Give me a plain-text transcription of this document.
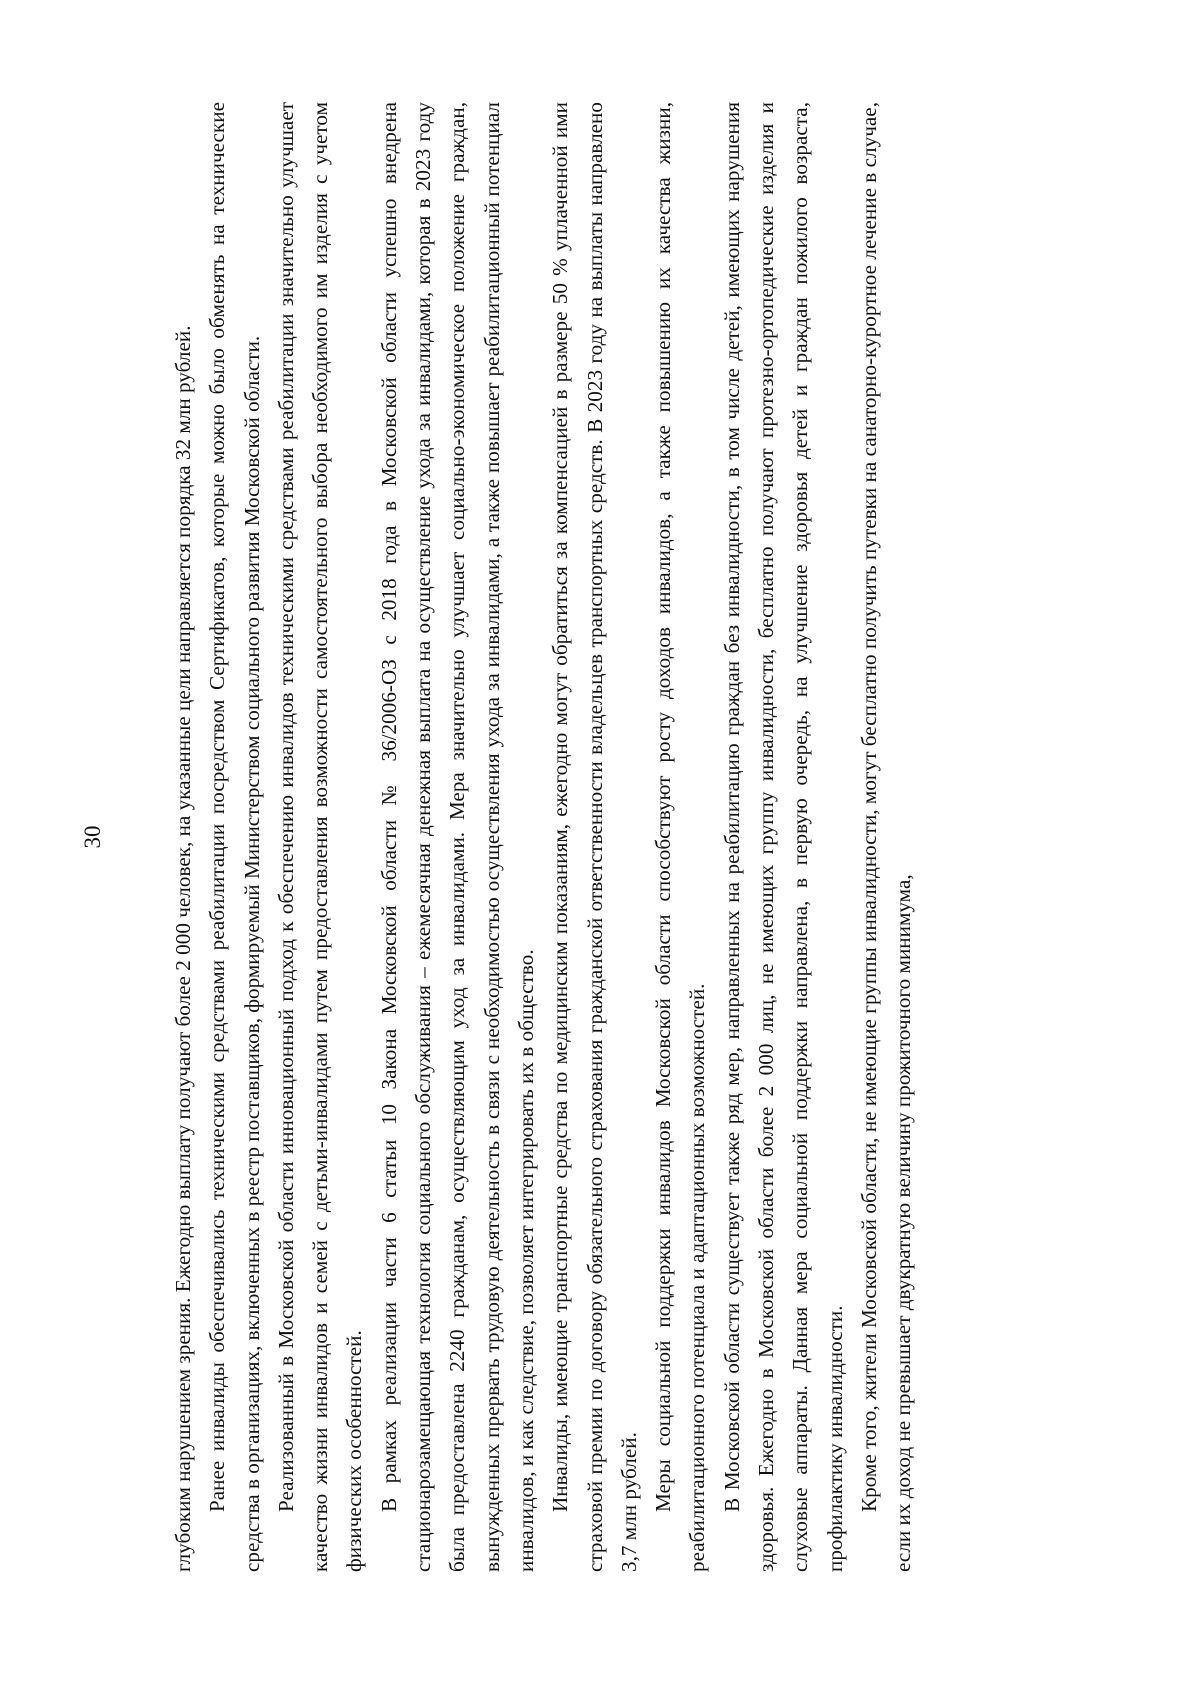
30	глубоким нарушением зрения. Ежегодно выплату получают более 2 000 человек, на указанные цели направляется порядка 32 млн рублей. Ранее инвалиды обеспечивались техническими средствами реабилитации посредством Сертификатов, которые можно было обменять на технические средства в организациях, включенных в реестр поставщиков, формируемый Министерством социального развития Московской области. Реализованный в Московской области инновационный подход к обеспечению инвалидов техническими средствами реабилитации значительно улучшает качество жизни инвалидов и семей с детьми-инвалидами путем предоставления возможности самостоятельного выбора необходимого им изделия с учетом физических особенностей. В рамках реализации части 6 статьи 10 Закона Московской области № 36/2006-ОЗ с 2018 года в Московской области успешно внедрена стационарозамещающая технология социального обслуживания – ежемесячная денежная выплата на осуществление ухода за инвалидами, которая в 2023 году была предоставлена 2240 гражданам, осуществляющим уход за инвалидами. Мера значительно улучшает социально-экономическое положение граждан, вынужденных прервать трудовую деятельность в связи с необходимостью осуществления ухода за инвалидами, а также повышает реабилитационный потенциал инвалидов, и как следствие, позволяет интегрировать их в общество. Инвалиды, имеющие транспортные средства по медицинским показаниям, ежегодно могут обратиться за компенсацией в размере 50 % уплаченной ими страховой премии по договору обязательного страхования гражданской ответственности владельцев транспортных средств. В 2023 году на выплаты направлено 3,7 млн рублей. Меры социальной поддержки инвалидов Московской области способствуют росту доходов инвалидов, а также повышению их качества жизни, реабилитационного потенциала и адаптационных возможностей. В Московской области существует также ряд мер, направленных на реабилитацию граждан без инвалидности, в том числе детей, имеющих нарушения здоровья. Ежегодно в Московской области более 2 000 лиц, не имеющих группу инвалидности, бесплатно получают протезно-ортопедические изделия и слуховые аппараты. Данная мера социальной поддержки направлена, в первую очередь, на улучшение здоровья детей и граждан пожилого возраста, профилактику инвалидности. Кроме того, жители Московской области, не имеющие группы инвалидности, могут бесплатно получить путевки на санаторно-курортное лечение в случае, если их доход не превышает двукратную величину прожиточного минимума,
